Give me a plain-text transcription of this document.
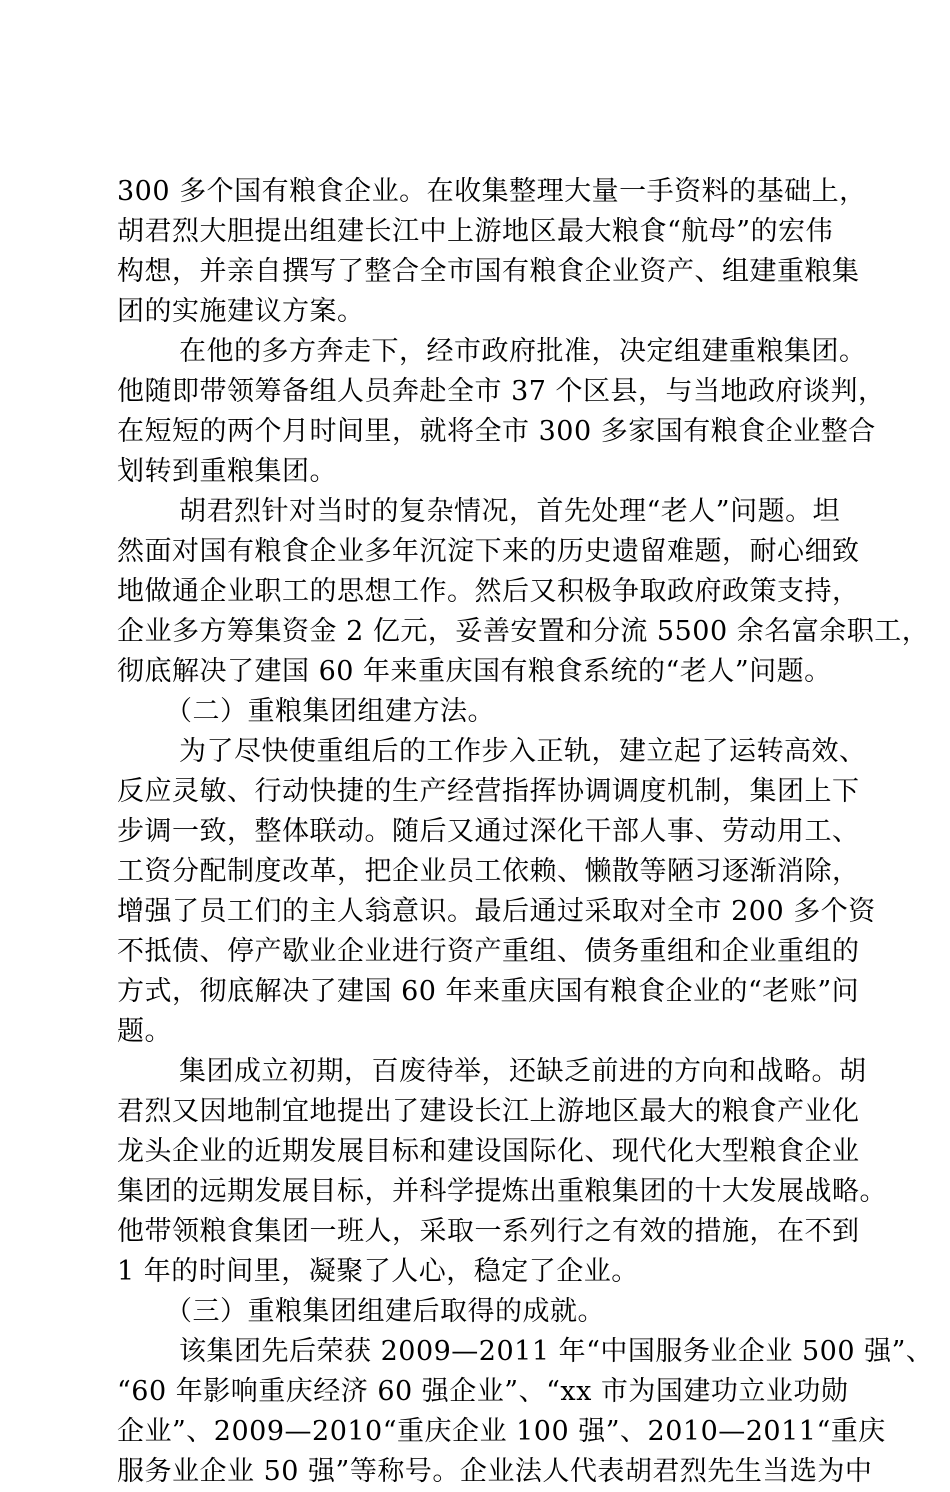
300 多个国有粮食企业。在收集整理大量一手资料的基础上，
胡君烈大胆提出组建长江中上游地区最大粮食“航母”的宏伟
构想，并亲自撰写了整合全市国有粮食企业资产、组建重粮集
团的实施建议方案。
在他的多方奔走下，经市政府批准，决定组建重粮集团。
他随即带领筹备组人员奔赴全市 37 个区县，与当地政府谈判，
在短短的两个月时间里，就将全市 300 多家国有粮食企业整合
划转到重粮集团。
胡君烈针对当时的复杂情况，首先处理“老人”问题。坦
然面对国有粮食企业多年沉淀下来的历史遗留难题，耐心细致
地做通企业职工的思想工作。然后又积极争取政府政策支持，
企业多方筹集资金 2 亿元，妥善安置和分流 5500 余名富余职工，
彻底解决了建国 60 年来重庆国有粮食系统的“老人”问题。
（二）重粮集团组建方法。
为了尽快使重组后的工作步入正轨，建立起了运转高效、
反应灵敏、行动快捷的生产经营指挥协调调度机制，集团上下
步调一致，整体联动。随后又通过深化干部人事、劳动用工、
工资分配制度改革，把企业员工依赖、懒散等陋习逐渐消除，
增强了员工们的主人翁意识。最后通过采取对全市 200 多个资
不抵债、停产歇业企业进行资产重组、债务重组和企业重组的
方式，彻底解决了建国 60 年来重庆国有粮食企业的“老账”问
题。
集团成立初期，百废待举，还缺乏前进的方向和战略。胡
君烈又因地制宜地提出了建设长江上游地区最大的粮食产业化
龙头企业的近期发展目标和建设国际化、现代化大型粮食企业
集团的远期发展目标，并科学提炼出重粮集团的十大发展战略。
他带领粮食集团一班人，采取一系列行之有效的措施，在不到
1 年的时间里，凝聚了人心，稳定了企业。
（三）重粮集团组建后取得的成就。
该集团先后荣获 2009—2011 年“中国服务业企业 500 强”、
“60 年影响重庆经济 60 强企业”、“xx 市为国建功立业功勋
企业”、2009—2010“重庆企业 100 强”、2010—2011“重庆
服务业企业 50 强”等称号。企业法人代表胡君烈先生当选为中
